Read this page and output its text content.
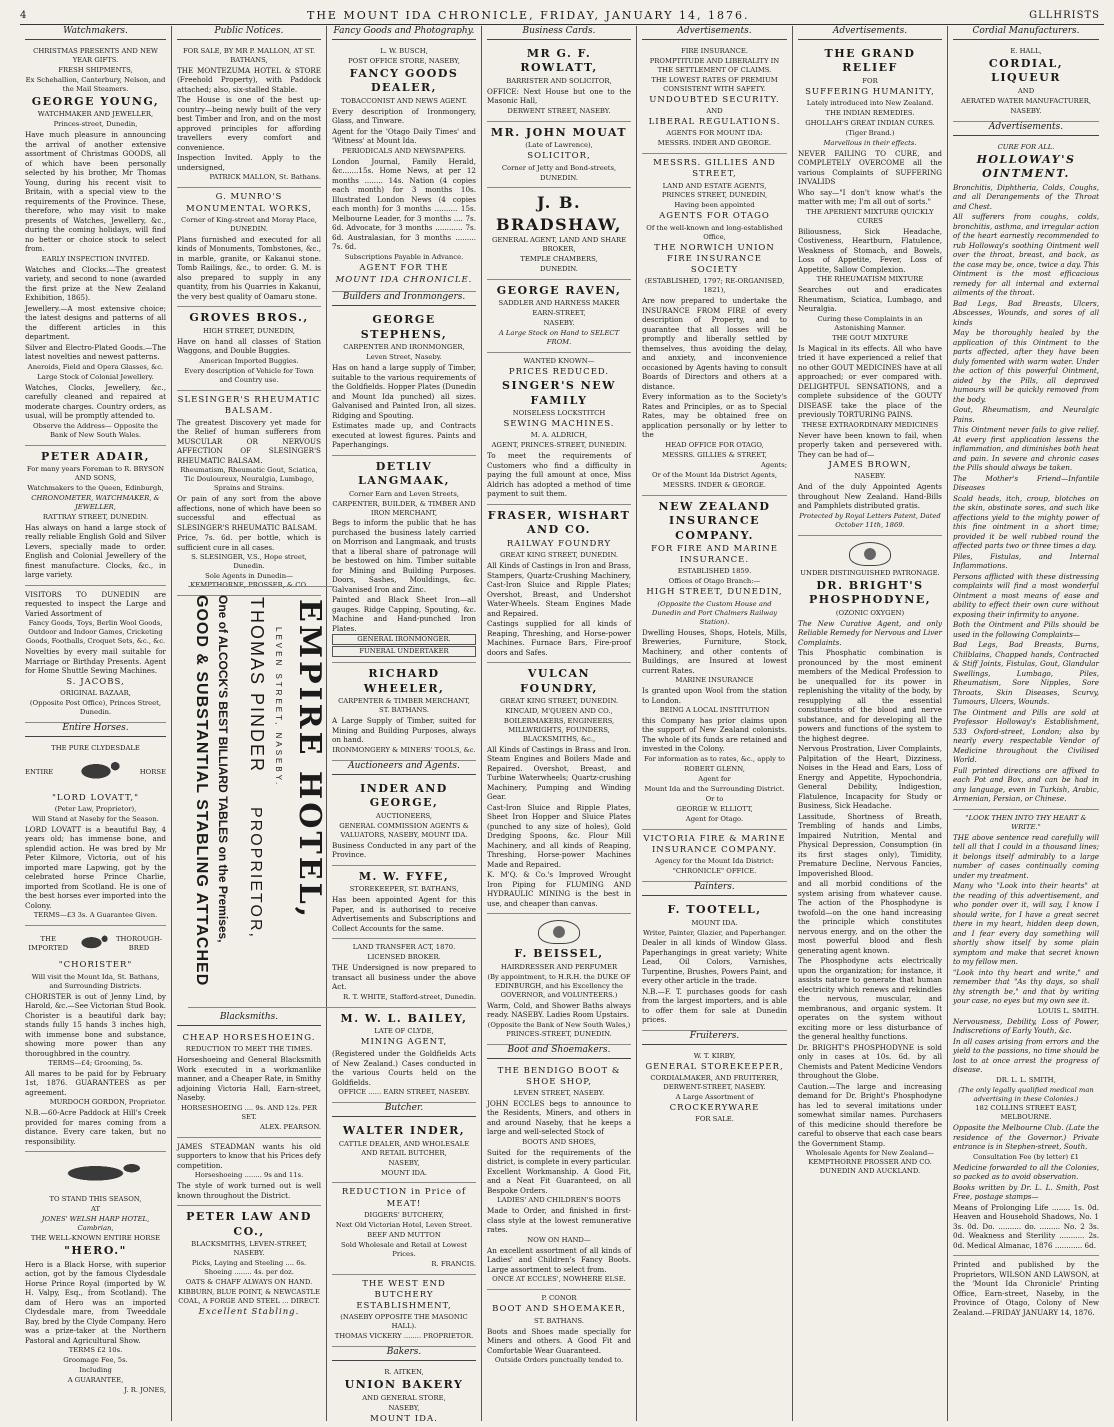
4	THE MOUNT IDA CHRONICLE, FRIDAY, JANUARY 14, 1876.	GLLHRISTS
Watchmakers.
CHRISTMAS PRESENTS AND NEW YEAR GIFTS.
FRESH SHIPMENTS,
Ex Schehallion, Canterbury, Nelson, and the Mail Steamers.
GEORGE YOUNG,
WATCHMAKER AND JEWELLER,
Princes-street, Dunedin,

Have much pleasure in announcing the arrival of another extensive assortment of Christmas GOODS, all of which have been personally selected by his brother, Mr Thomas Young, during his recent visit to Britain, with a special view to the requirements of the Province. These, therefore, who may visit to make presents of Watches, Jewellery, &c., during the coming holidays, will find no better or choice stock to select from.

EARLY INSPECTION INVITED.

Watches and Clocks.—The greatest variety, and second to none (awarded the first prize at the New Zealand Exhibition, 1865).

Jewellery.—A most extensive choice; the latest designs and patterns of all the different articles in this department.

Silver and Electro-Plated Goods.—The latest novelties and newest patterns.

Aneroids, Field and Opera Glasses, &c.
Large Stock of Colonial Jewellery.

Watches, Clocks, Jewellery, &c., carefully cleaned and repaired at moderate charges. Country orders, as usual, will be promptly attended to.

Observe the Address— Opposite the Bank of New South Wales.
PETER ADAIR,
For many years Foreman to R. BRYSON AND SONS,
Watchmakers to the Queen, Edinburgh,
CHRONOMETER, WATCHMAKER, & JEWELLER,
RATTRAY STREET, DUNEDIN.

Has always on hand a large stock of really reliable English Gold and Silver Levers, specially made to order. English and Colonial Jewellery of the finest manufacture. Clocks, &c., in large variety.

VISITORS TO DUNEDIN are requested to inspect the Large and Varied Assortment of

Fancy Goods, Toys, Berlin Wool Goods, Outdoor and Indoor Games, Cricketing Goods, Footballs, Croquet Sets, &c., &c.

Novelties by every mail suitable for Marriage or Birthday Presents. Agent for Home Shuttle Sewing Machines.

S. JACOBS,
ORIGINAL BAZAAR,
(Opposite Post Office), Princes Street, Dunedin.
Entire Horses.
THE PURE CLYDESDALE
ENTIRE	HORSE
"LORD LOVATT,"
(Peter Law, Proprietor),
Will Stand at Naseby for the Season.

LORD LOVATT is a beautiful Bay, 4 years old; has immense bone, and splendid action. He was bred by Mr Peter Kilmore, Victoria, out of his imported mare Lapwing, got by the celebrated horse Prince Charlie, imported from Scotland. He is one of the best horses ever imported into the Colony.

TERMS—£3 3s. A Guarantee Given.
THE IMPORTED
THOROUGH-BRED
"CHORISTER"
Will visit the Mount Ida, St. Bathans, and Surrounding Districts.

CHORISTER is out of Jenny Lind, by Harold, &c.—See Victorian Stud Book. Chorister is a beautiful dark bay; stands fully 15 hands 3 inches high, with immense bone and substance, showing more power than any thoroughbred in the country.

TERMS—£4; Grooming, 5s.

All mares to be paid for by February 1st, 1876. GUARANTEES as per agreement.

MURDOCH GORDON, Proprietor.

N.B.—60-Acre Paddock at Hill's Creek provided for mares coming from a distance. Every care taken, but no responsibility.

TO STAND THIS SEASON,
AT
JONES' WELSH HARP HOTEL, Cambrian,
THE WELL-KNOWN ENTIRE HORSE
"HERO."

Hero is a Black Horse, with superior action, got by the famous Clydesdale Horse Prince Royal (imported by W. H. Valpy, Esq., from Scotland). The dam of Hero was an imported Clydesdale mare, from Tweeddale Bay, bred by the Clyde Company. Hero was a prize-taker at the Northern Pastoral and Agricultural Show.

TERMS £2 10s.
Groomage Fee, 5s.
Including
A GUARANTEE,
J. R. JONES,
Public Notices.
FOR SALE, BY MR P. MALLON, AT ST. BATHANS,

THE MONTEZUMA HOTEL & STORE (Freehold Property), with Paddock attached; also, six-stalled Stable.

The House is one of the best up-country—being newly built of the very best Timber and Iron, and on the most approved principles for affording travellers every comfort and convenience.

Inspection Invited. Apply to the undersigned,

PATRICK MALLON, St. Bathans.
G. MUNRO'S MONUMENTAL WORKS,
Corner of King-street and Moray Place, DUNEDIN.

Plans furnished and executed for all kinds of Monuments, Tombstones, &c., in marble, granite, or Kakanui stone. Tomb Railings, &c., to order. G. M. is also prepared to supply in any quantity, from his Quarries in Kakanui, the very best quality of Oamaru stone.

GROVES BROS.,
HIGH STREET, DUNEDIN,

Have on hand all classes of Station Waggons, and Double Buggies.

American Imported Buggies.
Every description of Vehicle for Town and Country use.
SLESINGER'S RHEUMATIC BALSAM.

The greatest Discovery yet made for the Relief of human sufferers from MUSCULAR OR NERVOUS AFFECTION OF SLESINGER'S RHEUMATIC BALSAM.

Rheumatism, Rheumatic Gout, Sciatica, Tic Douloureux, Neuralgia, Lumbago, Sprains and Strains.

Or pain of any sort from the above affections, none of which have been so successful and effectual as SLESINGER'S RHEUMATIC BALSAM.

Price, 7s. 6d. per bottle, which is sufficient cure in all cases.

S. SLESINGER, V.S., Hope street, Dunedin.
Sole Agents in Dunedin— KEMPTHORNE, PROSSER, & CO.
Blacksmiths.
CHEAP HORSESHOEING.
REDUCTION TO MEET THE TIMES.

Horseshoeing and General Blacksmith Work executed in a workmanlike manner, and a Cheaper Rate, in Smithy adjoining Victoria Hall, Earn-street, Naseby.

HORSESHOEING .... 9s. AND 12s. PER SET.
ALEX. PEARSON.

JAMES STEADMAN wants his old supporters to know that his Prices defy competition.

Horseshoeing ........ 9s and 11s.

The style of work turned out is well known throughout the District.

PETER LAW AND CO.,
BLACKSMITHS, LEVEN-STREET, NASEBY.
Picks, Laying and Steeling .... 6s. Shoeing ........ 4s. per doz.
OATS & CHAFF ALWAYS ON HAND.
KIBBURN, BLUE POINT, & NEWCASTLE COAL, A FORGE AND STEEL ... DIRECT.
Excellent Stabling.
EMPIRE HOTEL,
LEVEN STREET, NASEBY.
THOMAS PINDER
PROPRIETOR,
One of ALCOCK'S BEST BILLIARD TABLES on the Premises,
GOOD & SUBSTANTIAL STABLING ATTACHED
Fancy Goods and Photography.
L. W. BUSCH,
POST OFFICE STORE, NASEBY,
FANCY GOODS DEALER,
TOBACCONIST AND NEWS AGENT.

Every description of Ironmongery, Glass, and Tinware.

Agent for the 'Otago Daily Times' and 'Witness' at Mount Ida.

PERIODICALS AND NEWSPAPERS.

London Journal, Family Herald, &c.......15s. Home News, at per 12 months ........ 14s. Nation (4 copies each month) for 3 months 10s. Illustrated London News (4 copies each month) for 3 months .......... 15s. Melbourne Leader, for 3 months .... 7s. 6d. Advocate, for 3 months ............ 7s. 6d. Australasian, for 3 months ......... 7s. 6d.

Subscriptions Payable in Advance.
AGENT FOR THE
MOUNT IDA CHRONICLE.
Builders and Ironmongers.
GEORGE STEPHENS,
CARPENTER AND IRONMONGER,
Leven Street, Naseby.

Has on hand a large supply of Timber, suitable to the various requirements of the Goldfields. Hopper Plates (Dunedin and Mount Ida punched) all sizes. Galvanised and Painted Iron, all sizes. Ridging and Spouting.

Estimates made up, and Contracts executed at lowest figures. Paints and Paperhangings.

DETLIV LANGMAAK,
Corner Earn and Leven Streets,
CARPENTER, BUILDER, & TIMBER AND IRON MERCHANT,

Begs to inform the public that he has purchased the business lately carried on Morrison and Langmaak, and trusts that a liberal share of patronage will be bestowed on him. Timber suitable for Mining and Building Purposes. Doors, Sashes, Mouldings, &c. Galvanised Iron and Zinc.

Painted and Black Sheet Iron—all gauges. Ridge Capping, Spouting, &c. Machine and Hand-punched Iron Plates.

GENERAL IRONMONGER.
FUNERAL UNDERTAKER
RICHARD WHEELER,
CARPENTER & TIMBER MERCHANT, ST. BATHANS.

A Large Supply of Timber, suited for Mining and Building Purposes, always on hand.

IRONMONGERY & MINERS' TOOLS, &c.
Auctioneers and Agents.
INDER AND GEORGE,
AUCTIONEERS,
GENERAL COMMISSION AGENTS & VALUATORS, NASEBY, MOUNT IDA.

Business Conducted in any part of the Province.

M. W. FYFE,
STOREKEEPER, ST. BATHANS,

Has been appointed Agent for this Paper, and is authorised to receive Advertisements and Subscriptions and Collect Accounts for the same.

LAND TRANSFER ACT, 1870.
LICENSED BROKER.

THE Undersigned is now prepared to transact all business under the above Act.

R. T. WHITE, Stafford-street, Dunedin.
M. W. L. BAILEY,
LATE OF CLYDE,
MINING AGENT,

(Registered under the Goldfields Acts of New Zealand.) Cases conducted in the various Courts held on the Goldfields.

OFFICE ...... EARN STREET, NASEBY.
Butcher.
WALTER INDER,
CATTLE DEALER, AND WHOLESALE AND RETAIL BUTCHER,
NASEBY,
MOUNT IDA.
REDUCTION in Price of MEAT!
DIGGERS' BUTCHERY,
Next Old Victorian Hotel, Leven Street.
BEEF AND MUTTON
Sold Wholesale and Retail at Lowest Prices.
R. FRANCIS.
THE WEST END BUTCHERY ESTABLISHMENT,
(NASEBY OPPOSITE THE MASONIC HALL).
THOMAS VICKERY ........ PROPRIETOR.
Bakers.
R. AITKEN,
UNION BAKERY
AND GENERAL STORE,
NASEBY,
MOUNT IDA.
Business Cards.
MR G. F. ROWLATT,
BARRISTER AND SOLICITOR,

OFFICE: Next House but one to the Masonic Hall,

DERWENT STREET, NASEBY.
MR. JOHN MOUAT
(Late of Lawrence),
SOLICITOR,
Corner of Jetty and Bond-streets,
DUNEDIN.
J. B. BRADSHAW,
GENERAL AGENT, LAND AND SHARE BROKER,
TEMPLE CHAMBERS,
DUNEDIN.
GEORGE RAVEN,
SADDLER AND HARNESS MAKER
EARN-STREET,
NASEBY.
A Large Stock on Hand to SELECT FROM.
WANTED KNOWN—
PRICES REDUCED.
SINGER'S NEW FAMILY
NOISELESS LOCKSTITCH
SEWING MACHINES.
M. A. ALDRICH,
AGENT, PRINCES-STREET, DUNEDIN.

To meet the requirements of Customers who find a difficulty in paying the full amount at once, Miss Aldrich has adopted a method of time payment to suit them.

FRASER, WISHART AND CO.
RAILWAY FOUNDRY
GREAT KING STREET, DUNEDIN.

All Kinds of Castings in Iron and Brass, Stampers, Quartz-Crushing Machinery, Cast-Iron Sluice and Ripple Plates; Overshot, Breast, and Undershot Water-Wheels. Steam Engines Made and Repaired.

Castings supplied for all kinds of Reaping, Threshing, and Horse-power Machines. Furnace Bars, Fire-proof doors and Safes.

VULCAN FOUNDRY,
GREAT KING STREET, DUNEDIN.
KINCAID, M'QUEEN AND CO.,
BOILERMAKERS, ENGINEERS, MILLWRIGHTS, FOUNDERS, BLACKSMITHS, &c.,

All Kinds of Castings in Brass and Iron. Steam Engines and Boilers Made and Repaired. Overshot, Breast, and Turbine Waterwheels; Quartz-crushing Machinery, Pumping and Winding Gear.

Cast-Iron Sluice and Ripple Plates, Sheet Iron Hopper and Sluice Plates (punched to any size of holes), Gold Dredging Spoons, &c. Flour Mill Machinery, and all kinds of Reaping, Threshing, Horse-power Machines Made and Repaired.

K. M'Q. & Co.'s Improved Wrought Iron Piping for FLUMING AND HYDRAULIC MINING is the best in use, and cheaper than canvas.

F. BEISSEL,
HAIRDRESSER AND PERFUMER
(By appointment, to H.R.H. the DUKE OF EDINBURGH, and his Excellency the GOVERNOR, and VOLUNTEERS.)

Warm, Cold, and Shower Baths always ready. NASEBY. Ladies Room Upstairs.

(Opposite the Bank of New South Wales,) PRINCES-STREET, DUNEDIN.
Boot and Shoemakers.
THE BENDIGO BOOT & SHOE SHOP,
LEVEN STREET, NASEBY.

JOHN ECCLES begs to announce to the Residents, Miners, and others in and around Naseby, that he keeps a large and well-selected Stock of

BOOTS AND SHOES,

Suited for the requirements of the district, is complete in every particular. Excellent Workmanship. A Good Fit, and a Neat Fit Guaranteed, on all Bespoke Orders.

LADIES' AND CHILDREN'S BOOTS

Made to Order, and finished in first-class style at the lowest remunerative rates.

NOW ON HAND—

An excellent assortment of all kinds of Ladies' and Children's Fancy Boots. Large assortment to select from.

ONCE AT ECCLES', NOWHERE ELSE.
P. CONOR
BOOT AND SHOEMAKER,
ST. BATHANS.

Boots and Shoes made specially for Miners and others. A Good Fit and Comfortable Wear Guaranteed.

Outside Orders punctually tended to.
Advertisements.
FIRE INSURANCE.
PROMPTITUDE AND LIBERALITY IN THE SETTLEMENT OF CLAIMS.
THE LOWEST RATES OF PREMIUM CONSISTENT WITH SAFETY.
UNDOUBTED SECURITY.
AND
LIBERAL REGULATIONS.
AGENTS FOR MOUNT IDA:
MESSRS. INDER AND GEORGE.
MESSRS. GILLIES AND STREET,
LAND AND ESTATE AGENTS,
PRINCES STREET, DUNEDIN,
Having been appointed
AGENTS FOR OTAGO
Of the well-known and long-established Office,
THE NORWICH UNION FIRE INSURANCE SOCIETY
(ESTABLISHED, 1797; RE-ORGANISED, 1821),

Are now prepared to undertake the INSURANCE FROM FIRE of every description of Property, and to guarantee that all losses will be promptly and liberally settled by themselves, thus avoiding the delay, and anxiety, and inconvenience occasioned by Agents having to consult Boards of Directors and others at a distance.

Every information as to the Society's Rates and Principles, or as to Special Rates, may be obtained free on application personally or by letter to the

HEAD OFFICE FOR OTAGO,
MESSRS. GILLIES & STREET,
Agents;
Or of the Mount Ida District Agents,
MESSRS. INDER & GEORGE.
NEW ZEALAND INSURANCE COMPANY.
FOR FIRE AND MARINE INSURANCE.
ESTABLISHED 1859.
Offices of Otago Branch:—
HIGH STREET, DUNEDIN,
(Opposite the Custom House and Dunedin and Port Chalmers Railway Station).

Dwelling Houses, Shops, Hotels, Mills, Breweries, Furniture, Stock, Machinery, and other contents of Buildings, are Insured at lowest current Rates.

MARINE INSURANCE

Is granted upon Wool from the station to London.

BEING A LOCAL INSTITUTION

this Company has prior claims upon the support of New Zealand colonists. The whole of its funds are retained and invested in the Colony.

For information as to rates, &c., apply to
ROBERT GLENN,
Agent for
Mount Ida and the Surrounding District.
Or to
GEORGE W. ELLIOTT,
Agent for Otago.
VICTORIA FIRE & MARINE INSURANCE COMPANY.
Agency for the Mount Ida District:
"CHRONICLE" OFFICE.
Painters.
F. TOOTELL,
MOUNT IDA.
Writer, Painter, Glazier, and Paperhanger.

Dealer in all kinds of Window Glass. Paperhangings in great variety; White Lead, Oil Colors, Varnishes, Turpentine, Brushes, Powers Paint, and every other article in the trade.

N.B.—F. T. purchases goods for cash from the largest importers, and is able to offer them for sale at Dunedin prices.

Fruiterers.
W. T. KIRBY,
GENERAL STOREKEEPER,
CORDIALMAKER, AND FRUITERER, DERWENT-STREET, NASEBY.
A Large Assortment of
CROCKERYWARE
FOR SALE.
Advertisements.
THE GRAND RELIEF
FOR
SUFFERING HUMANITY,
Lately introduced into New Zealand.
THE INDIAN REMEDIES.
GHOLLAH'S GREAT INDIAN CURES.
(Tiger Brand.)
Marvellous in their effects.

NEVER FAILING TO CURE, and COMPLETELY OVERCOME all the various Complaints of SUFFERING INVALIDS

Who say—"I don't know what's the matter with me; I'm all out of sorts."

THE APERIENT MIXTURE QUICKLY CURES

Biliousness, Sick Headache, Costiveness, Heartburn, Flatulence, Weakness of Stomach, and Bowels, Loss of Appetite, Fever, Loss of Appetite, Sallow Complexion.

THE RHEUMATISM MIXTURE

Searches out and eradicates Rheumatism, Sciatica, Lumbago, and Neuralgia.

Curing these Complaints in an Astonishing Manner.
THE GOUT MIXTURE

Is Magical in its effects. All who have tried it have experienced a relief that no other GOUT MEDICINES have at all approached; or ever compared with. DELIGHTFUL SENSATIONS, and a complete subsidence of the GOUTY DISEASE take the place of the previously TORTURING PAINS.

THESE EXTRAORDINARY MEDICINES

Never have been known to fail, when properly taken and persevered with. They can be had of—

JAMES BROWN,
NASEBY.

And of the duly Appointed Agents throughout New Zealand. Hand-Bills and Pamphlets distributed gratis.

Protected by Royal Letters Patent, Dated October 11th, 1869.
UNDER DISTINGUISHED PATRONAGE.
DR. BRIGHT'S PHOSPHODYNE,
(OZONIC OXYGEN)

The New Curative Agent, and only Reliable Remedy for Nervous and Liver Complaints.

This Phosphatic combination is pronounced by the most eminent members of the Medical Profession to be unequalled for its power in replenishing the vitality of the body, by resupplying all the essential constituents of the blood and nerve substance, and for developing all the powers and functions of the system to the highest degree.

Nervous Prostration, Liver Complaints, Palpitation of the Heart, Dizziness, Noises in the Head and Ears, Loss of Energy and Appetite, Hypochondria, General Debility, Indigestion, Flatulence, Incapacity for Study or Business, Sick Headache.

Lassitude, Shortness of Breath, Trembling of hands and Limbs, Impaired Nutrition, Mental and Physical Depression, Consumption (in its first stages only), Timidity, Premature Decline, Nervous Fancies, Impoverished Blood.

and all morbid conditions of the system arising from whatever cause. The action of the Phosphodyne is twofold—on the one hand increasing the principle which constitutes nervous energy, and on the other the most powerful blood and flesh generating agent known.

The Phosphodyne acts electrically upon the organization; for instance, it assists nature to generate that human electricity which renews and rekindles the nervous, muscular, and membranous, and organic system. It operates on the system without exciting more or less disturbance of the general healthy functions.

Dr. BRIGHT'S PHOSPHODYNE is sold only in cases at 10s. 6d. by all Chemists and Patent Medicine Vendors throughout the Globe.

Caution.—The large and increasing demand for Dr. Bright's Phosphodyne has led to several imitations under somewhat similar names. Purchasers of this medicine should therefore be careful to observe that each case bears the Government Stamp.

Wholesale Agents for New Zealand— KEMPTHORNE PROSSER AND CO. DUNEDIN AND AUCKLAND.
Cordial Manufacturers.
E. HALL,
CORDIAL, LIQUEUR
AND
AERATED WATER MANUFACTURER,
NASEBY.
Advertisements.
CURE FOR ALL.
HOLLOWAY'S OINTMENT.

Bronchitis, Diphtheria, Colds, Coughs, and all Derangements of the Throat and Chest.

All sufferers from coughs, colds, bronchitis, asthma, and irregular action of the heart earnestly recommended to rub Holloway's soothing Ointment well over the throat, breast, and back, as the case may be, once, twice a day. This Ointment is the most efficacious remedy for all internal and external ailments of the throat.

Bad Legs, Bad Breasts, Ulcers, Abscesses, Wounds, and sores of all kinds

May be thoroughly healed by the application of this Ointment to the parts affected, after they have been duly fomented with warm water. Under the action of this powerful Ointment, aided by the Pills, all depraved humours will be quickly removed from the body.

Gout, Rheumatism, and Neuralgic Pains.

This Ointment never fails to give relief. At every first application lessens the inflammation, and diminishes both heat and pain. In severe and chronic cases the Pills should always be taken.

The Mother's Friend—Infantile Diseases

Scald heads, itch, croup, blotches on the skin, obstinate sores, and such like affections yield to the mighty power of this fine ointment in a short time; provided it be well rubbed round the affected parts two or three times a day.

Piles, Fistulas, and Internal Inflammations.

Persons afflicted with these distressing complaints will find a most wonderful Ointment a most means of ease and ability to effect their own cure without exposing their infirmity to anyone.

Both the Ointment and Pills should be used in the following Complaints—

Bad Legs, Bad Breasts, Burns, Chilblains, Chapped hands, Contracted & Stiff Joints, Fistulas, Gout, Glandular Swellings, Lumbago, Piles, Rheumatism, Sore Nipples, Sore Throats, Skin Diseases, Scurvy, Tumours, Ulcers, Wounds.

The Ointment and Pills are sold at Professor Holloway's Establishment, 533 Oxford-street, London; also by nearly every respectable Vendor of Medicine throughout the Civilised World.

Full printed directions are affixed to each Pot and Box, and can be had in any language, even in Turkish, Arabic, Armenian, Persian, or Chinese.

"LOOK THEN INTO THY HEART & WRITE."

THE above sentence read carefully will tell all that I could in a thousand lines; it belongs itself admirably to a large number of cases continually coming under my treatment.

Many who "Look into their hearts" at the reading of this advertisement, and who ponder over it, will say, I know I should write, for I have a great secret there in my heart, hidden deep down, and I fear every day something will shortly show itself by some plain symptom and make that secret known to my fellow men.

"Look into thy heart and write," and remember that "As thy days, so shall thy strength be," and that by writing your case, no eyes but my own see it.

LOUIS L. SMITH.

Nervousness, Debility, Loss of Power, Indiscretions of Early Youth, &c.

In all cases arising from errors and the yield to the passions, no time should be lost to at once arrest the progress of disease.

DR. L. L. SMITH,
(The only legally qualified medical man advertising in these Colonies.)
182 COLLINS STREET EAST, MELBOURNE.

Opposite the Melbourne Club. (Late the residence of the Governor.) Private entrance is in Stephen-street, South.

Consultation Fee (by letter) £1

Medicine forwarded to all the Colonies, so packed as to avoid observation.

Books written by Dr. L. L. Smith, Post Free, postage stamps—

Means of Prolonging Life ........ 1s. 0d. Heaven and Household Shadows, No. 1 3s. 0d. Do. .......... do. ......... No. 2 3s. 0d. Weakness and Sterility ........... 2s. 0d. Medical Almanac, 1876 ............ 6d.

Printed and published by the Proprietors, WILSON AND LAWSON, at the 'Mount Ida Chronicle' Printing Office, Earn-street, Naseby, in the Province of Otago, Colony of New Zealand.—FRIDAY JANUARY 14, 1876.
